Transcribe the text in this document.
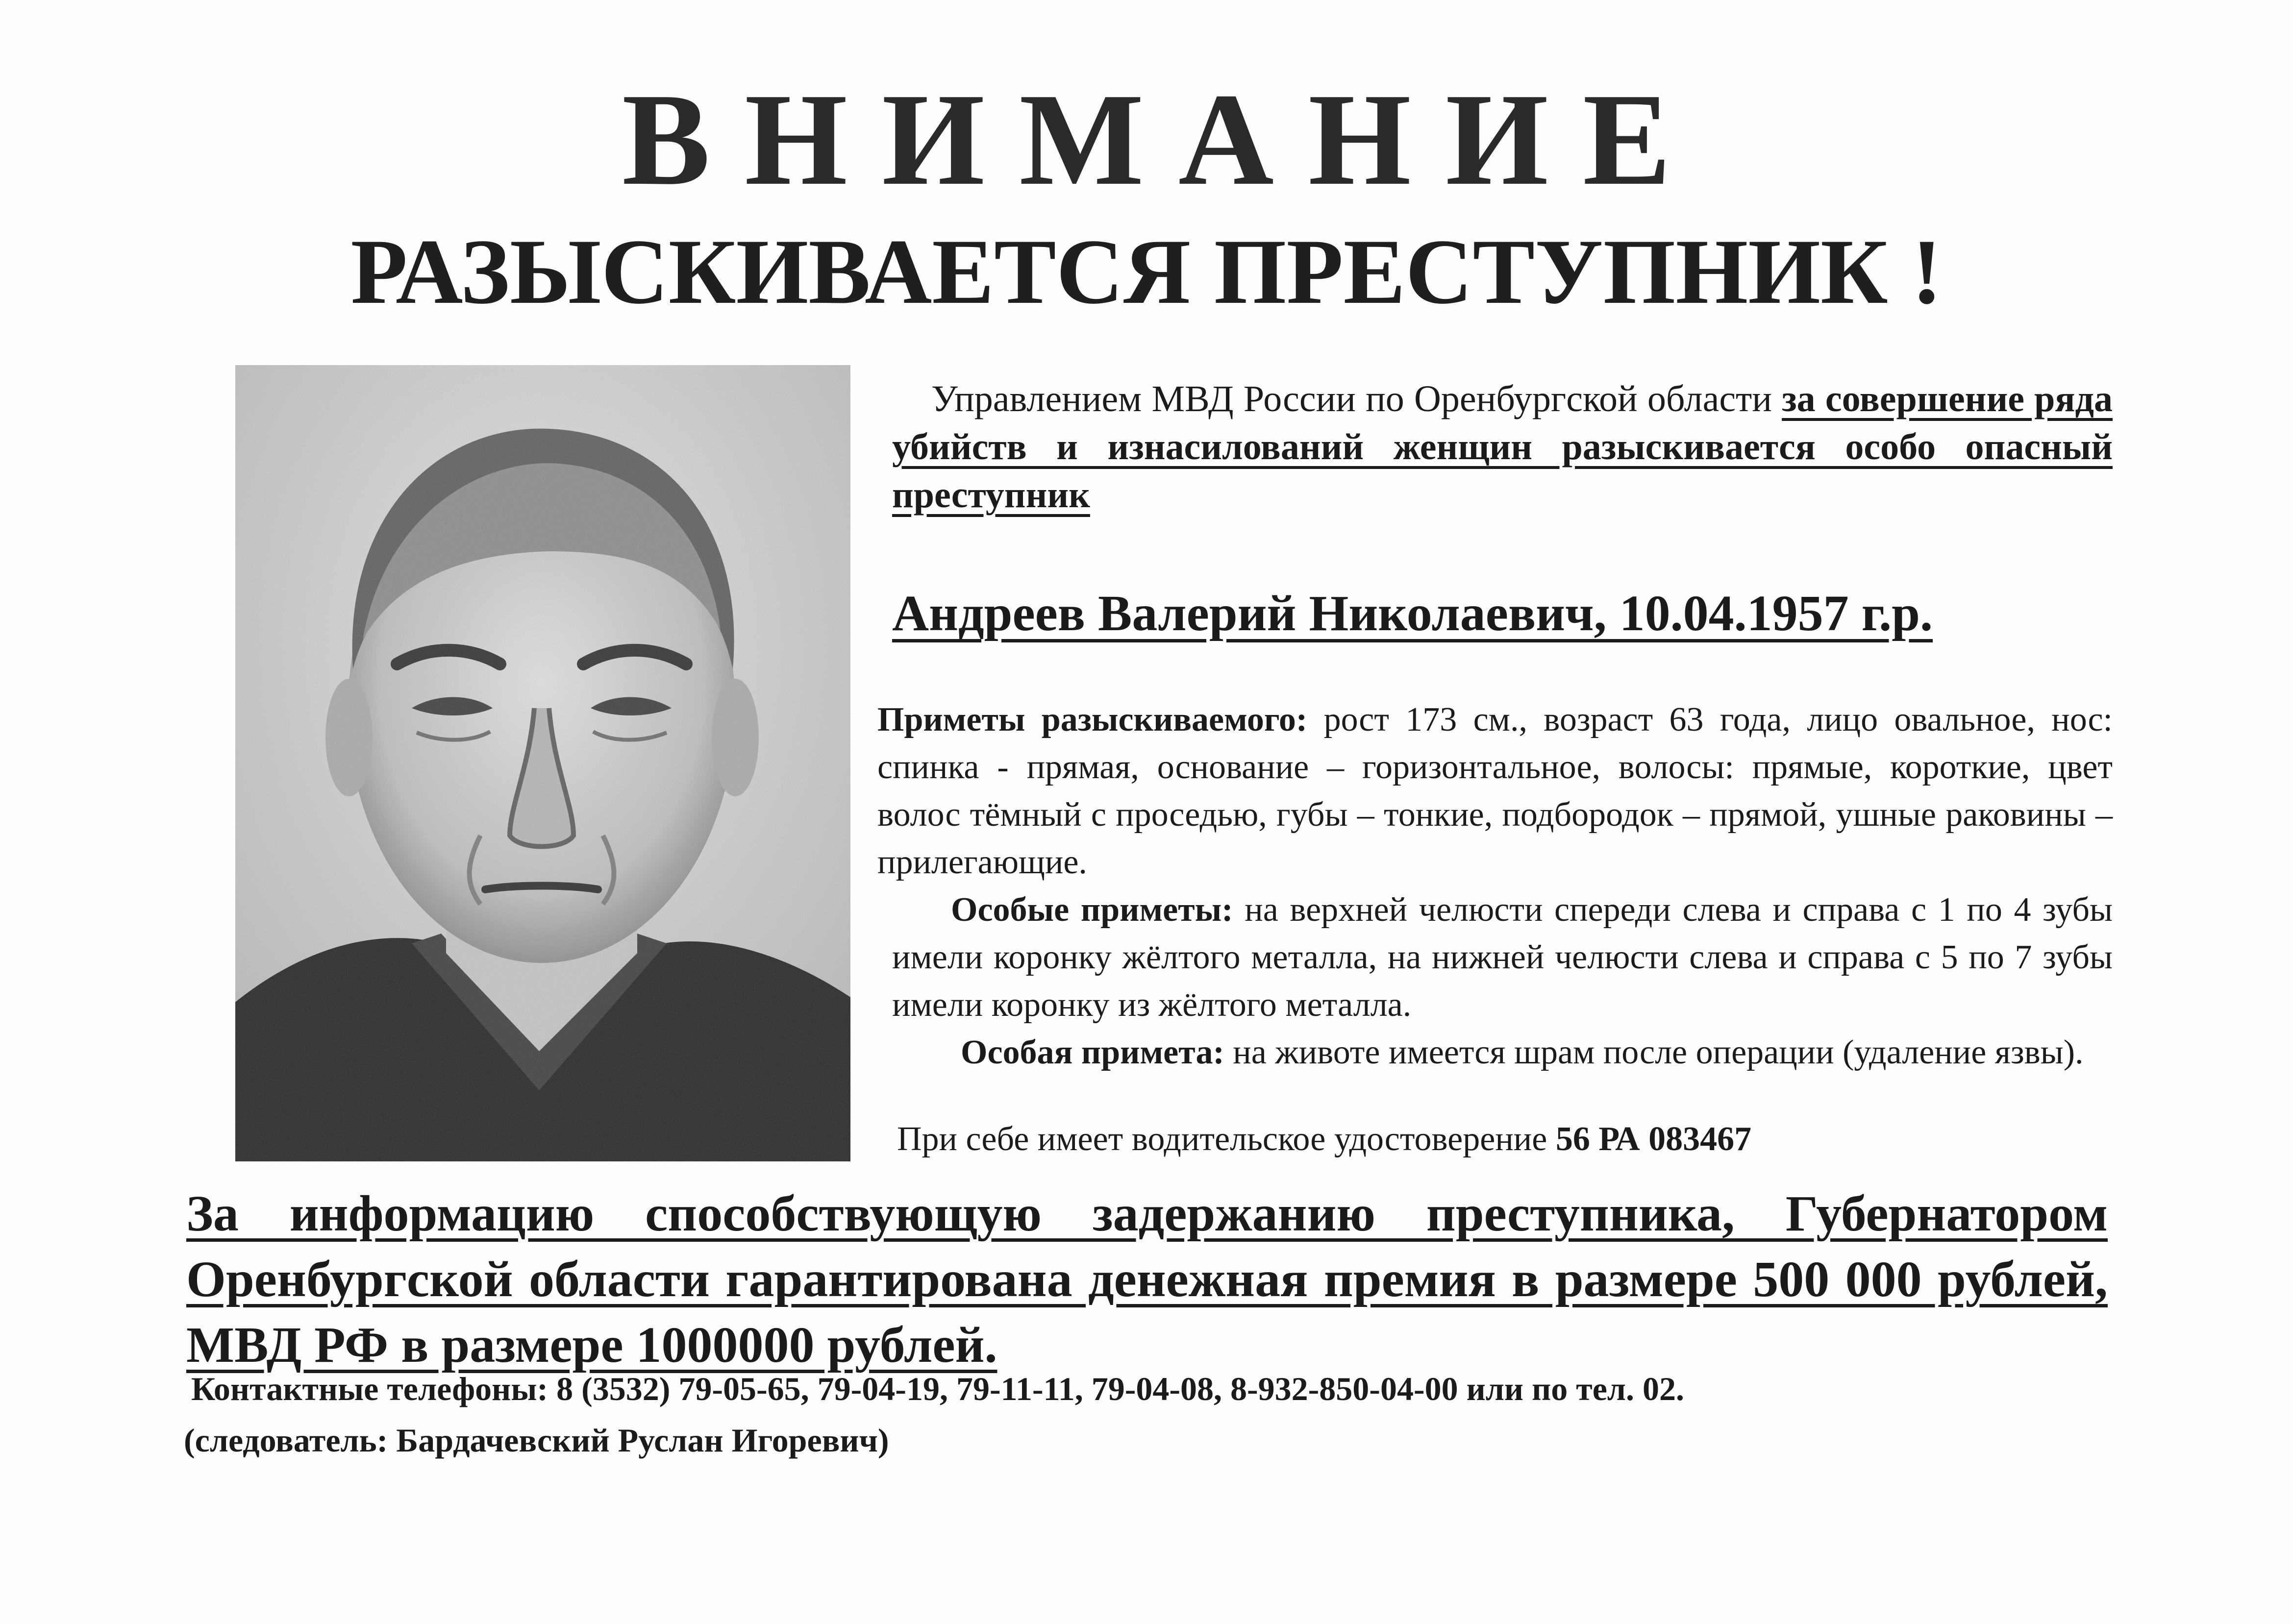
ВНИМАНИЕ
РАЗЫСКИВАЕТСЯ ПРЕСТУПНИК !
Управлением МВД России по Оренбургской области за совершение ряда убийств и изнасилований женщин разыскивается особо опасный преступник
Андреев Валерий Николаевич, 10.04.1957 г.р.

Приметы разыскиваемого: рост 173 см., возраст 63 года, лицо овальное, нос: спинка - прямая, основание – горизонтальное, волосы: прямые, короткие, цвет волос тёмный с проседью, губы – тонкие, подбородок – прямой, ушные раковины – прилегающие.

Особые приметы: на верхней челюсти спереди слева и справа с 1 по 4 зубы имели коронку жёлтого металла, на нижней челюсти слева и справа с 5 по 7 зубы имели коронку из жёлтого металла.

Особая примета: на животе имеется шрам после операции (удаление язвы).

При себе имеет водительское удостоверение 56 РА 083467
За информацию способствующую задержанию преступника, Губернатором Оренбургской области гарантирована денежная премия в размере 500 000 рублей, МВД РФ в размере 1000000 рублей.
Контактные телефоны: 8 (3532) 79-05-65, 79-04-19, 79-11-11, 79-04-08, 8-932-850-04-00 или по тел. 02.
(следователь: Бардачевский Руслан Игоревич)
